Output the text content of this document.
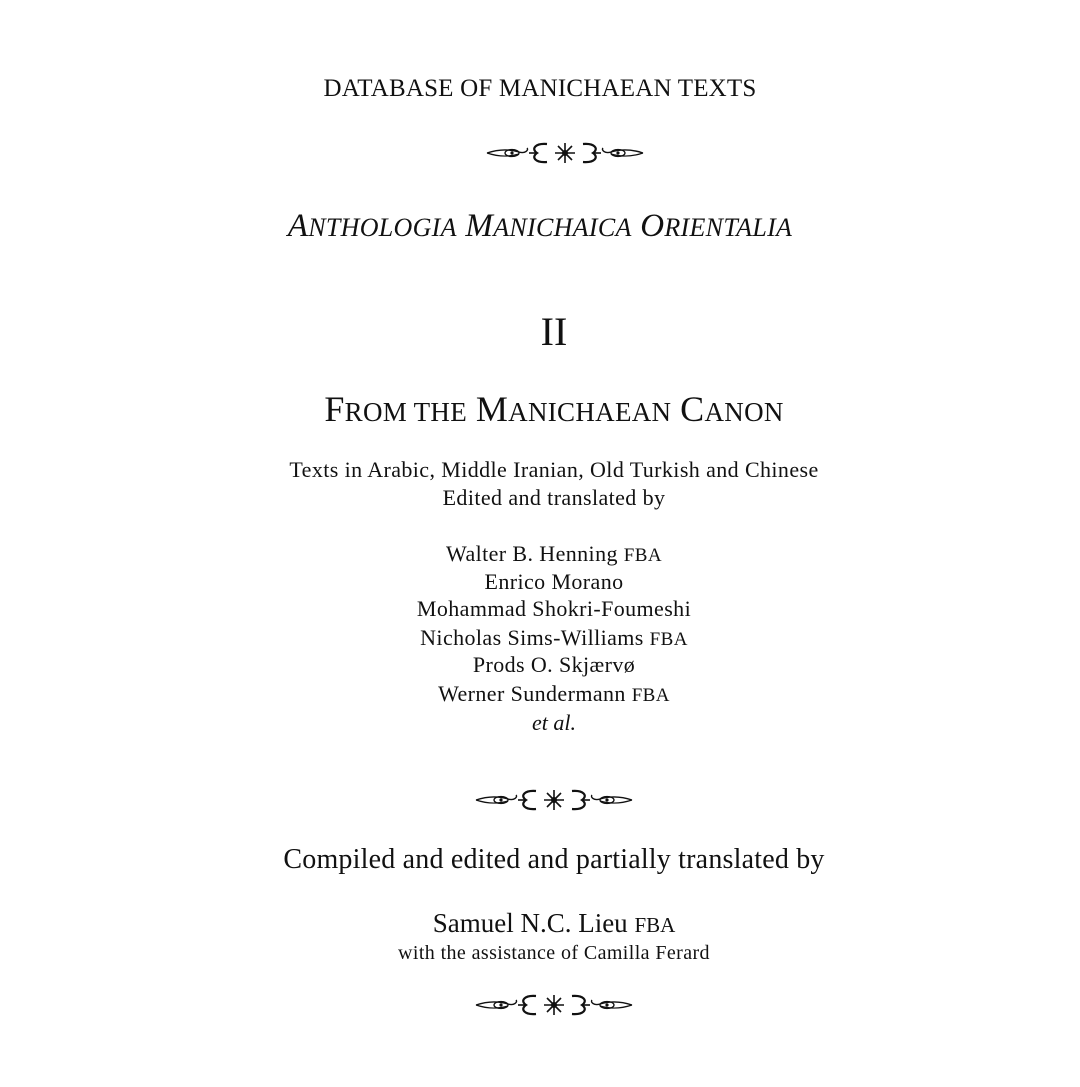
DATABASE OF MANICHAEAN TEXTS
ANTHOLOGIA MANICHAICA ORIENTALIA
II
FROM THE MANICHAEAN CANON
Texts in Arabic, Middle Iranian, Old Turkish and Chinese
Edited and translated by
Walter B. Henning FBA
Enrico Morano
Mohammad Shokri-Foumeshi
Nicholas Sims-Williams FBA
Prods O. Skjærvø
Werner Sundermann FBA
et al.
Compiled and edited and partially translated by
Samuel N.C. Lieu FBA
with the assistance of Camilla Ferard
